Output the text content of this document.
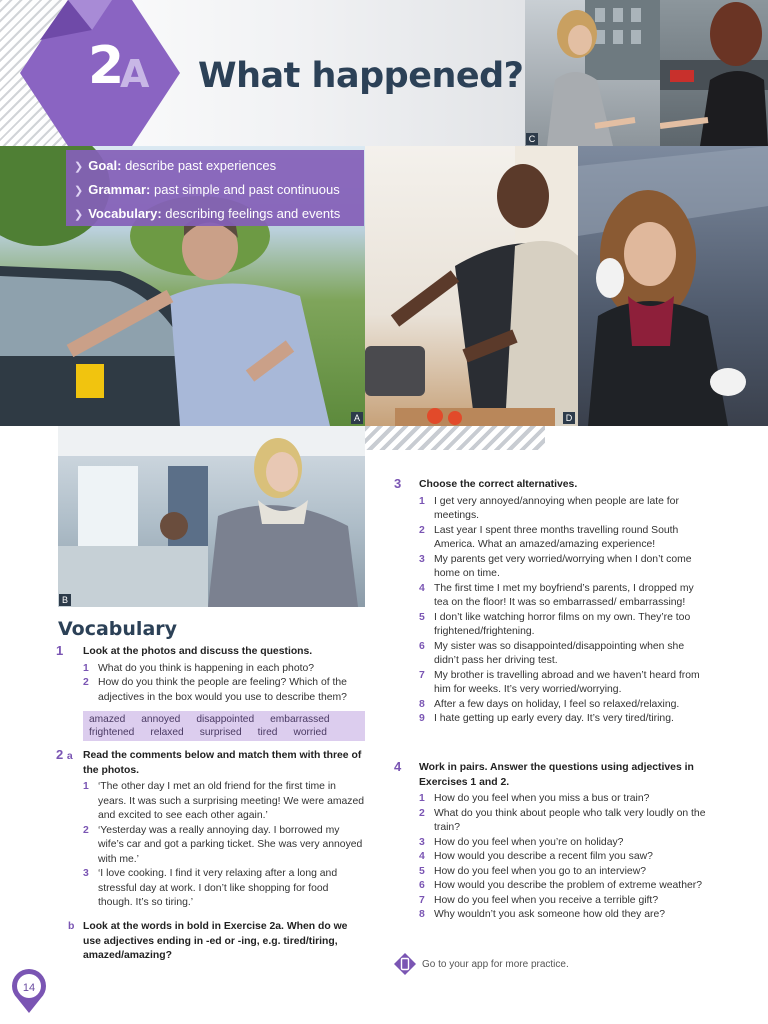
2
A What happened?
C
A
❯ Goal: describe past experiences
❯ Grammar: past simple and past continuous
❯ Vocabulary: describing feelings and events
D
B
Vocabulary
1 Look at the photos and discuss the questions.
1 What do you think is happening in each photo?
2 How do you think the people are feeling? Which of the adjectives in the box would you use to describe them?
amazed annoyed disappointed embarrassed
frightened relaxed surprised tired worried
2 a Read the comments below and match them with three of the photos.
1 ‘The other day I met an old friend for the first time in years. It was such a surprising meeting! We were amazed and excited to see each other again.’
2 ‘Yesterday was a really annoying day. I borrowed my wife’s car and got a parking ticket. She was very annoyed with me.’
3 ‘I love cooking. I find it very relaxing after a long and stressful day at work. I don’t like shopping for food though. It’s so tiring.’
b Look at the words in bold in Exercise 2a. When do we use adjectives ending in -ed or -ing, e.g. tired/tiring, amazed/amazing?
3 Choose the correct alternatives.
1 I get very annoyed/annoying when people are late for meetings.
2 Last year I spent three months travelling round South America. What an amazed/amazing experience!
3 My parents get very worried/worrying when I don’t come home on time.
4 The first time I met my boyfriend’s parents, I dropped my tea on the floor! It was so embarrassed/ embarrassing!
5 I don’t like watching horror films on my own. They’re too frightened/frightening.
6 My sister was so disappointed/disappointing when she didn’t pass her driving test.
7 My brother is travelling abroad and we haven’t heard from him for weeks. It’s very worried/worrying.
8 After a few days on holiday, I feel so relaxed/relaxing.
9 I hate getting up early every day. It’s very tired/tiring.
4 Work in pairs. Answer the questions using adjectives in Exercises 1 and 2.
1 How do you feel when you miss a bus or train?
2 What do you think about people who talk very loudly on the train?
3 How do you feel when you’re on holiday?
4 How would you describe a recent film you saw?
5 How do you feel when you go to an interview?
6 How would you describe the problem of extreme weather?
7 How do you feel when you receive a terrible gift?
8 Why wouldn’t you ask someone how old they are?
Go to your app for more practice.
14
